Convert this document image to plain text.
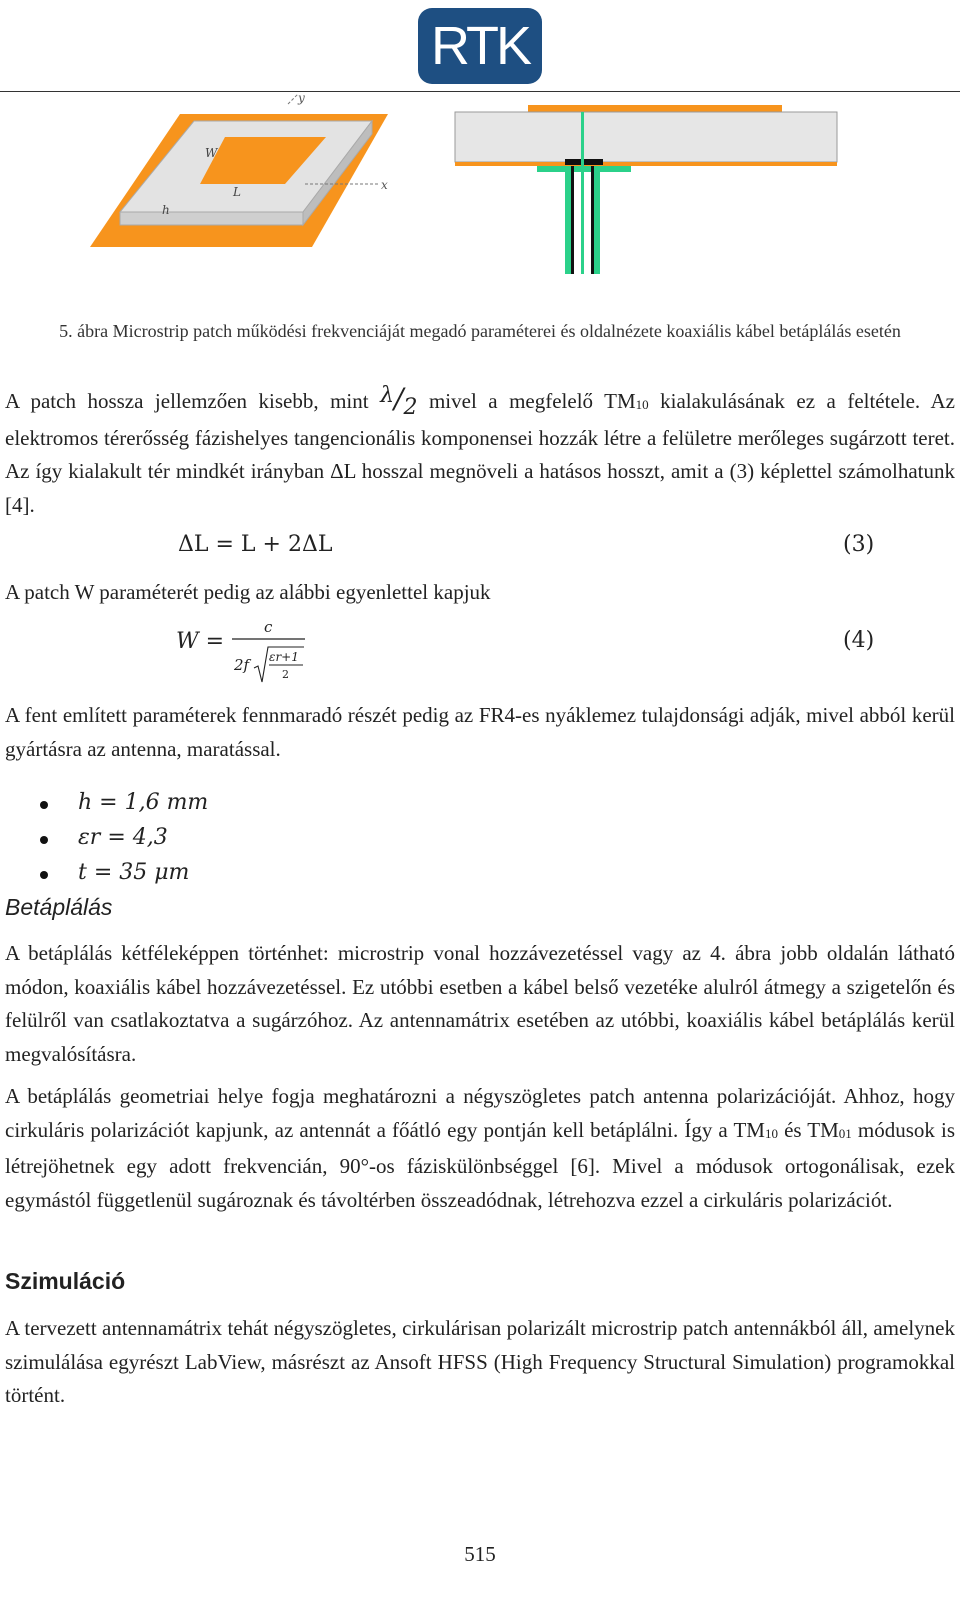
RTK
y
x
W
L
h
5. ábra Microstrip patch működési frekvenciáját megadó paraméterei és oldalnézete koaxiális kábel betáplálás esetén

A patch hossza jellemzően kisebb, mint λ/2 mivel a megfelelő TM10 kialakulásának ez a feltétele. Az elektromos térerősség fázishelyes tangencionális komponensei hozzák létre a felületre merőleges sugárzott teret. Az így kialakult tér mindkét irányban ΔL hosszal megnöveli a hatásos hosszt, amit a (3) képlettel számolhatunk [4].

ΔL = L + 2ΔL	(3)

A patch W paraméterét pedig az alábbi egyenlettel kapjuk

W =
c
2f εr+1
2
(4)

A fent említett paraméterek fennmaradó részét pedig az FR4-es nyáklemez tulajdonsági adják, mivel abból kerül gyártásra az antenna, maratással.

h = 1,6 mm
εr = 4,3
t = 35 μm
Betáplálás

A betáplálás kétféleképpen történhet: microstrip vonal hozzávezetéssel vagy az 4. ábra jobb oldalán látható módon, koaxiális kábel hozzávezetéssel. Ez utóbbi esetben a kábel belső vezetéke alulról átmegy a szigetelőn és felülről van csatlakoztatva a sugárzóhoz. Az antennamátrix esetében az utóbbi, koaxiális kábel betáplálás kerül megvalósításra.

A betáplálás geometriai helye fogja meghatározni a négyszögletes patch antenna polarizációját. Ahhoz, hogy cirkuláris polarizációt kapjunk, az antennát a főátló egy pontján kell betáplálni. Így a TM10 és TM01 módusok is létrejöhetnek egy adott frekvencián, 90°-os fáziskülönbséggel [6]. Mivel a módusok ortogonálisak, ezek egymástól függetlenül sugároznak és távoltérben összeadódnak, létrehozva ezzel a cirkuláris polarizációt.

Szimuláció

A tervezett antennamátrix tehát négyszögletes, cirkulárisan polarizált microstrip patch antennákból áll, amelynek szimulálása egyrészt LabView, másrészt az Ansoft HFSS (High Frequency Structural Simulation) programokkal történt.

515
